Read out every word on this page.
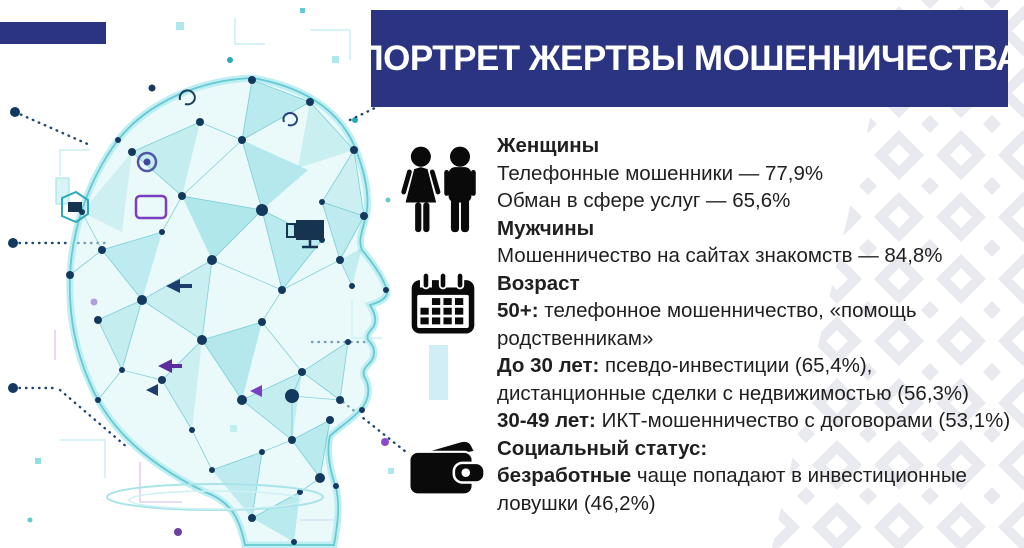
ПОРТРЕТ ЖЕРТВЫ МОШЕННИЧЕСТВА
Женщины
Телефонные мошенники — 77,9%
Обман в сфере услуг — 65,6%
Мужчины
Мошенничество на сайтах знакомств — 84,8%
Возраст
50+: телефонное мошенничество, «помощь
родственникам»
До 30 лет: псевдо-инвестиции (65,4%),
дистанционные сделки с недвижимостью (56,3%)
30-49 лет: ИКТ-мошенничество с договорами (53,1%)
Социальный статус:
безработные чаще попадают в инвестиционные
ловушки (46,2%)
